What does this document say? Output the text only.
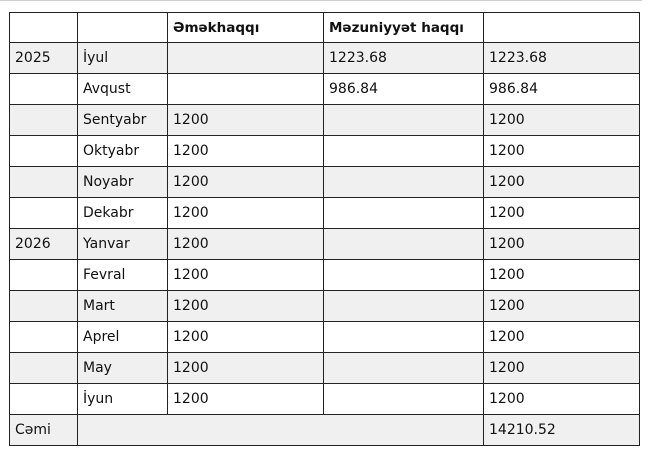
		Əməkhaqqı	Məzuniyyət haqqı	
2025	İyul		1223.68	1223.68
	Avqust		986.84	986.84
	Sentyabr	1200		1200
	Oktyabr	1200		1200
	Noyabr	1200		1200
	Dekabr	1200		1200
2026	Yanvar	1200		1200
	Fevral	1200		1200
	Mart	1200		1200
	Aprel	1200		1200
	May	1200		1200
	İyun	1200		1200
Cəmi				14210.52
